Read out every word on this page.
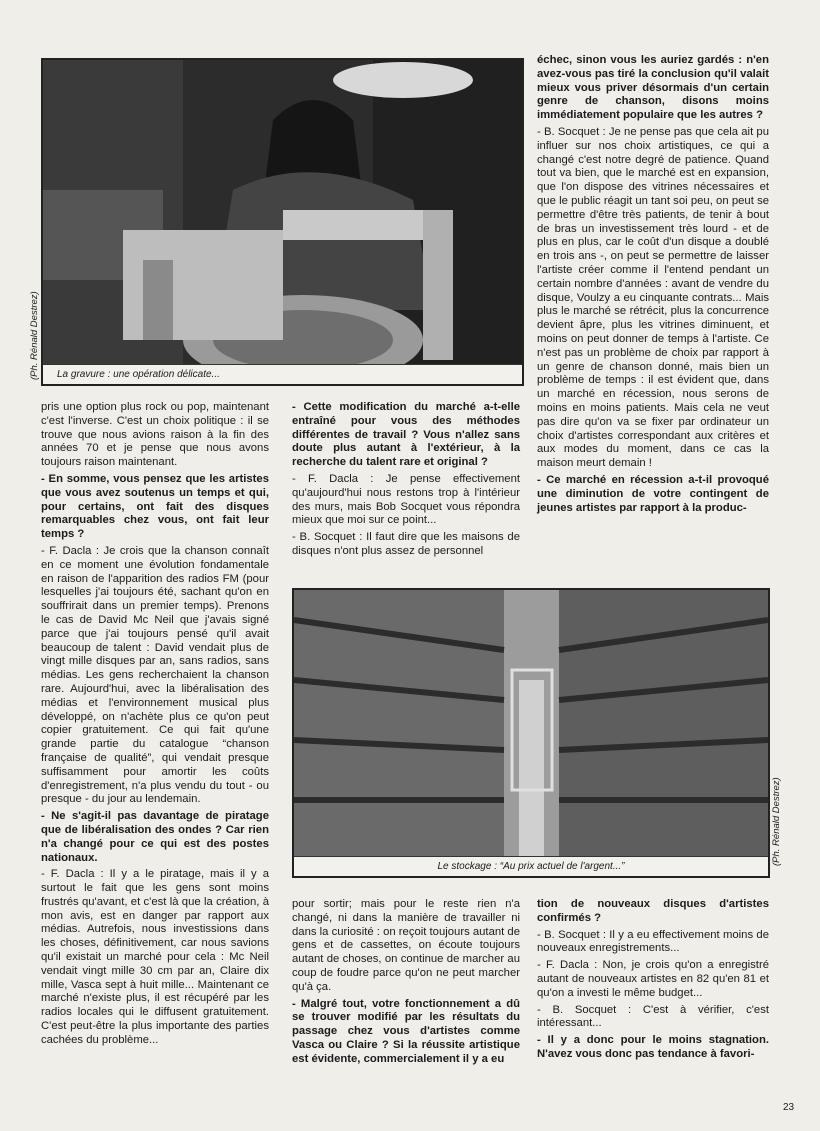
La gravure : une opération délicate...
(Ph. Rénald Destrez)

pris une option plus rock ou pop, maintenant c'est l'inverse. C'est un choix politique : il se trouve que nous avions raison à la fin des années 70 et je pense que nous avons toujours raison maintenant.

- En somme, vous pensez que les artistes que vous avez soutenus un temps et qui, pour certains, ont fait des disques remarquables chez vous, ont fait leur temps ?

- F. Dacla : Je crois que la chanson connaît en ce moment une évolution fondamentale en raison de l'apparition des radios FM (pour lesquelles j'ai toujours été, sachant qu'on en souffrirait dans un premier temps). Prenons le cas de David Mc Neil que j'avais signé parce que j'ai toujours pensé qu'il avait beaucoup de talent : David vendait plus de vingt mille disques par an, sans radios, sans médias. Les gens recherchaient la chanson rare. Aujourd'hui, avec la libéralisation des médias et l'environnement musical plus développé, on n'achète plus ce qu'on peut copier gratuitement. Ce qui fait qu'une grande partie du catalogue “chanson française de qualité”, qui vendait presque suffisamment pour amortir les coûts d'enregistrement, n'a plus vendu du tout - ou presque - du jour au lendemain.

- Ne s'agit-il pas davantage de piratage que de libéralisation des ondes ? Car rien n'a changé pour ce qui est des postes nationaux.

- F. Dacla : Il y a le piratage, mais il y a surtout le fait que les gens sont moins frustrés qu'avant, et c'est là que la création, à mon avis, est en danger par rapport aux médias. Autrefois, nous investissions dans les choses, définitivement, car nous savions qu'il existait un marché pour cela : Mc Neil vendait vingt mille 30 cm par an, Claire dix mille, Vasca sept à huit mille... Maintenant ce marché n'existe plus, il est récupéré par les radios locales qui le diffusent gratuitement. C'est peut-être la plus importante des parties cachées du problème...

- Cette modification du marché a-t-elle entraîné pour vous des méthodes différentes de travail ? Vous n'allez sans doute plus autant à l'extérieur, à la recherche du talent rare et original ?

- F. Dacla : Je pense effectivement qu'aujourd'hui nous restons trop à l'intérieur des murs, mais Bob Socquet vous répondra mieux que moi sur ce point...

- B. Socquet : Il faut dire que les maisons de disques n'ont plus assez de personnel

échec, sinon vous les auriez gardés : n'en avez-vous pas tiré la conclusion qu'il valait mieux vous priver désormais d'un certain genre de chanson, disons moins immédiatement populaire que les autres ?

- B. Socquet : Je ne pense pas que cela ait pu influer sur nos choix artistiques, ce qui a changé c'est notre degré de patience. Quand tout va bien, que le marché est en expansion, que l'on dispose des vitrines nécessaires et que le public réagit un tant soi peu, on peut se permettre d'être très patients, de tenir à bout de bras un investissement très lourd - et de plus en plus, car le coût d'un disque a doublé en trois ans -, on peut se permettre de laisser l'artiste créer comme il l'entend pendant un certain nombre d'années : avant de vendre du disque, Voulzy a eu cinquante contrats... Mais plus le marché se rétrécit, plus la concurrence devient âpre, plus les vitrines diminuent, et moins on peut donner de temps à l'artiste. Ce n'est pas un problème de choix par rapport à un genre de chanson donné, mais bien un problème de temps : il est évident que, dans un marché en récession, nous serons de moins en moins patients. Mais cela ne veut pas dire qu'on va se fixer par ordinateur un choix d'artistes correspondant aux critères et aux modes du moment, dans ce cas la maison meurt demain !

- Ce marché en récession a-t-il provoqué une diminution de votre contingent de jeunes artistes par rapport à la produc-

Le stockage : “Au prix actuel de l'argent...”
(Ph. Rénald Destrez)

pour sortir; mais pour le reste rien n'a changé, ni dans la manière de travailler ni dans la curiosité : on reçoit toujours autant de gens et de cassettes, on écoute toujours autant de choses, on continue de marcher au coup de foudre parce qu'on ne peut marcher qu'à ça.

- Malgré tout, votre fonctionnement a dû se trouver modifié par les résultats du passage chez vous d'artistes comme Vasca ou Claire ? Si la réussite artistique est évidente, commercialement il y a eu

tion de nouveaux disques d'artistes confirmés ?

- B. Socquet : Il y a eu effectivement moins de nouveaux enregistrements...

- F. Dacla : Non, je crois qu'on a enregistré autant de nouveaux artistes en 82 qu'en 81 et qu'on a investi le même budget...

- B. Socquet : C'est à vérifier, c'est intéressant...

- Il y a donc pour le moins stagnation. N'avez vous donc pas tendance à favori-

23
